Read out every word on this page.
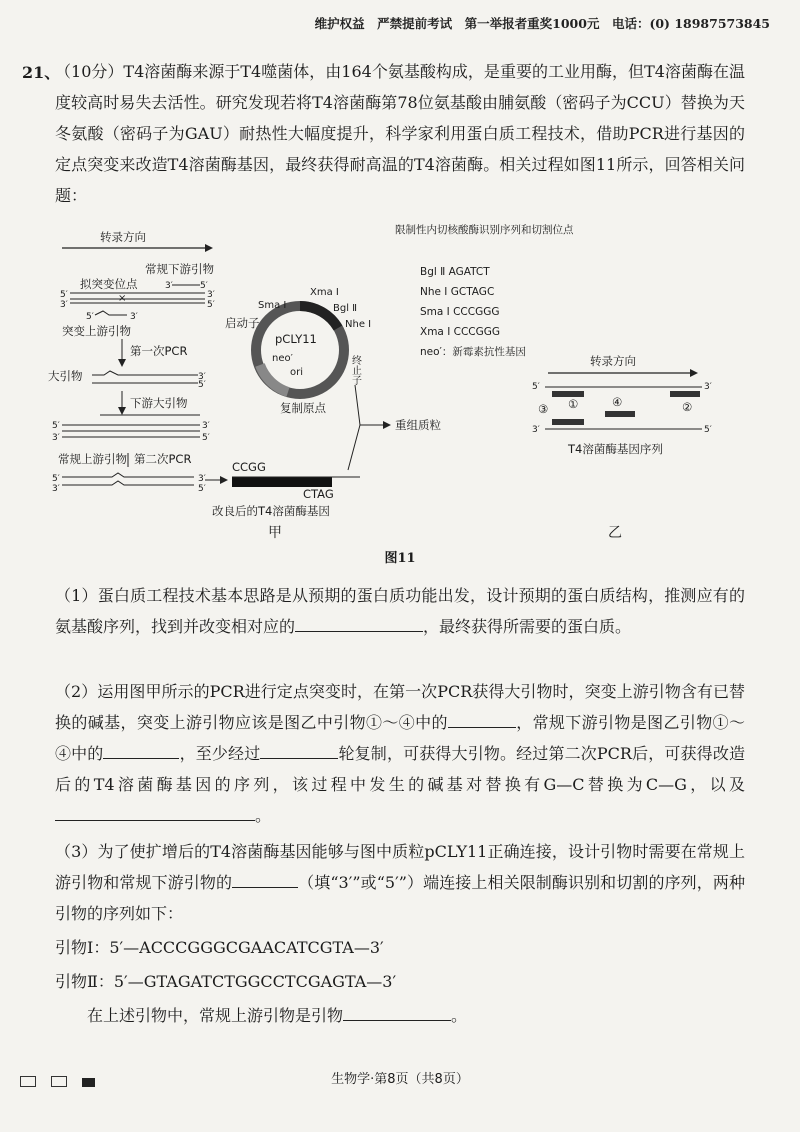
维护权益　严禁提前考试　第一举报者重奖1000元　电话：(0) 18987573845
21、
（10分）T4溶菌酶来源于T4噬菌体，由164个氨基酸构成，是重要的工业用酶，但T4溶菌酶在温度较高时易失去活性。研究发现若将T4溶菌酶第78位氨基酸由脯氨酸（密码子为CCU）替换为天冬氨酸（密码子为GAU）耐热性大幅度提升，科学家利用蛋白质工程技术，借助PCR进行基因的定点突变来改造T4溶菌酶基因，最终获得耐高温的T4溶菌酶。相关过程如图11所示，回答相关问题：
转录方向
常规下游引物
拟突变位点
×
5′
3′
3′
5′
3′	5′
5′	3′
突变上游引物
第一次PCR
大引物	3′
5′
下游大引物
5′
3′
3′
5′
常规上游引物 第二次PCR
5′
3′
3′
5′
CCGG
CTAG
改良后的T4溶菌酶基因
pCLY11
neo′
ori
Sma Ⅰ
Xma Ⅰ
Bgl Ⅱ
Nhe Ⅰ
启动子
终止子
复制原点
重组质粒
限制性内切核酸酶识别序列和切割位点
Bgl Ⅱ AGATCT
Nhe Ⅰ GCTAGC
Sma Ⅰ CCCGGG
Xma Ⅰ CCCGGG
neo′：新霉素抗性基因
转录方向
5′	3′
3′	5′
①	②
③	④
T4溶菌酶基因序列
甲	乙
图11
（1）蛋白质工程技术基本思路是从预期的蛋白质功能出发，设计预期的蛋白质结构，推测应有的氨基酸序列，找到并改变相对应的	，最终获得所需要的蛋白质。
（2）运用图甲所示的PCR进行定点突变时，在第一次PCR获得大引物时，突变上游引物含有已替换的碱基，突变上游引物应该是图乙中引物①～④中的	，常规下游引物是图乙引物①～④中的	，至少经过	轮复制，可获得大引物。经过第二次PCR后，可获得改造后的T4溶菌酶基因的序列，该过程中发生的碱基对替换有G—C替换为C—G，以及。
（3）为了使扩增后的T4溶菌酶基因能够与图中质粒pCLY11正确连接，设计引物时需要在常规上游引物和常规下游引物的	（填“3′”或“5′”）端连接上相关限制酶识别和切割的序列，两种引物的序列如下：
引物Ⅰ：5′—ACCCGGGCGAACATCGTA—3′
引物Ⅱ：5′—GTAGATCTGGCCTCGAGTA—3′
在上述引物中，常规上游引物是引物	。

生物学·第8页（共8页）
